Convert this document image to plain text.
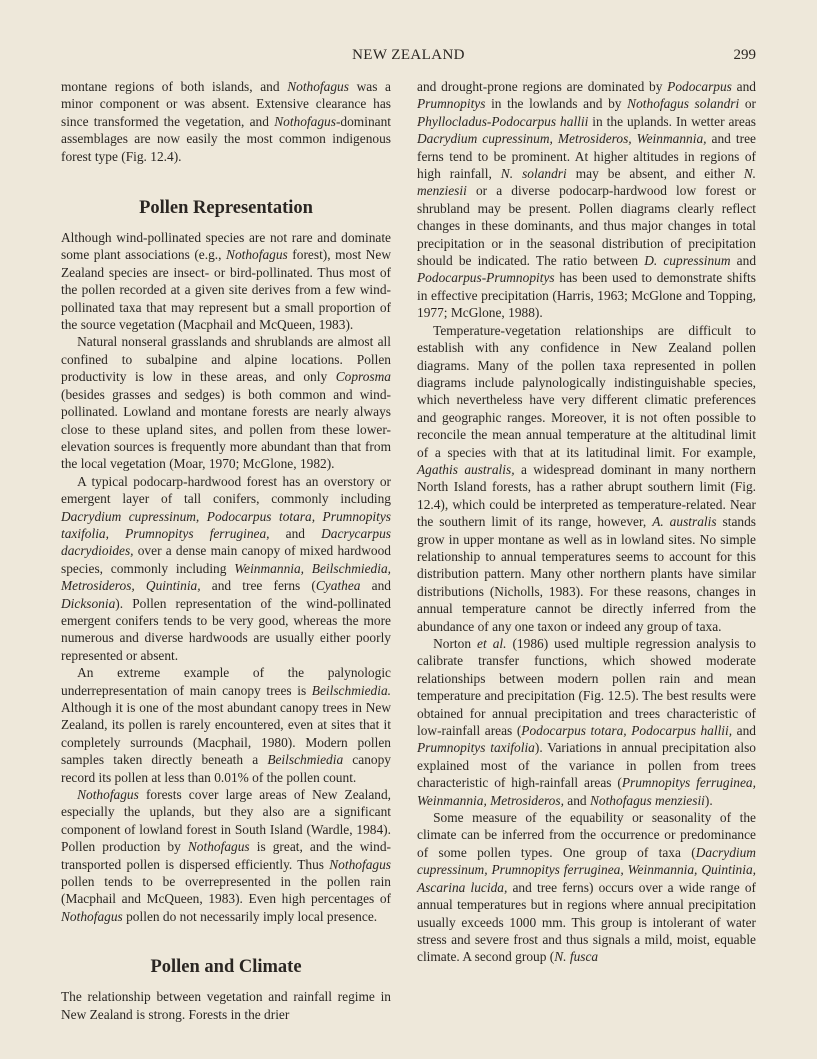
NEW ZEALAND	299

montane regions of both islands, and Nothofagus was a minor component or was absent. Extensive clearance has since transformed the vegetation, and Nothofagus-dominant assemblages are now easily the most common indigenous forest type (Fig. 12.4).

Pollen Representation

Although wind-pollinated species are not rare and dominate some plant associations (e.g., Nothofagus forest), most New Zealand species are insect- or bird-pollinated. Thus most of the pollen recorded at a given site derives from a few wind-pollinated taxa that may represent but a small proportion of the source vegetation (Macphail and McQueen, 1983).

Natural nonseral grasslands and shrublands are almost all confined to subalpine and alpine locations. Pollen productivity is low in these areas, and only Coprosma (besides grasses and sedges) is both common and wind-pollinated. Lowland and montane forests are nearly always close to these upland sites, and pollen from these lower-elevation sources is frequently more abundant than that from the local vegetation (Moar, 1970; McGlone, 1982).

A typical podocarp-hardwood forest has an overstory or emergent layer of tall conifers, commonly including Dacrydium cupressinum, Podocarpus totara, Prumnopitys taxifolia, Prumnopitys ferruginea, and Dacrycarpus dacrydioides, over a dense main canopy of mixed hardwood species, commonly including Weinmannia, Beilschmiedia, Metrosideros, Quintinia, and tree ferns (Cyathea and Dicksonia). Pollen representation of the wind-pollinated emergent conifers tends to be very good, whereas the more numerous and diverse hardwoods are usually either poorly represented or absent.

An extreme example of the palynologic underrepresentation of main canopy trees is Beilschmiedia. Although it is one of the most abundant canopy trees in New Zealand, its pollen is rarely encountered, even at sites that it completely surrounds (Macphail, 1980). Modern pollen samples taken directly beneath a Beilschmiedia canopy record its pollen at less than 0.01% of the pollen count.

Nothofagus forests cover large areas of New Zealand, especially the uplands, but they also are a significant component of lowland forest in South Island (Wardle, 1984). Pollen production by Nothofagus is great, and the wind-transported pollen is dispersed efficiently. Thus Nothofagus pollen tends to be overrepresented in the pollen rain (Macphail and McQueen, 1983). Even high percentages of Nothofagus pollen do not necessarily imply local presence.

Pollen and Climate

The relationship between vegetation and rainfall regime in New Zealand is strong. Forests in the drier

and drought-prone regions are dominated by Podocarpus and Prumnopitys in the lowlands and by Nothofagus solandri or Phyllocladus-Podocarpus hallii in the uplands. In wetter areas Dacrydium cupressinum, Metrosideros, Weinmannia, and tree ferns tend to be prominent. At higher altitudes in regions of high rainfall, N. solandri may be absent, and either N. menziesii or a diverse podocarp-hardwood low forest or shrubland may be present. Pollen diagrams clearly reflect changes in these dominants, and thus major changes in total precipitation or in the seasonal distribution of precipitation should be indicated. The ratio between D. cupressinum and Podocarpus-Prumnopitys has been used to demonstrate shifts in effective precipitation (Harris, 1963; McGlone and Topping, 1977; McGlone, 1988).

Temperature-vegetation relationships are difficult to establish with any confidence in New Zealand pollen diagrams. Many of the pollen taxa represented in pollen diagrams include palynologically indistinguishable species, which nevertheless have very different climatic preferences and geographic ranges. Moreover, it is not often possible to reconcile the mean annual temperature at the altitudinal limit of a species with that at its latitudinal limit. For example, Agathis australis, a widespread dominant in many northern North Island forests, has a rather abrupt southern limit (Fig. 12.4), which could be interpreted as temperature-related. Near the southern limit of its range, however, A. australis stands grow in upper montane as well as in lowland sites. No simple relationship to annual temperatures seems to account for this distribution pattern. Many other northern plants have similar distributions (Nicholls, 1983). For these reasons, changes in annual temperature cannot be directly inferred from the abundance of any one taxon or indeed any group of taxa.

Norton et al. (1986) used multiple regression analysis to calibrate transfer functions, which showed moderate relationships between modern pollen rain and mean temperature and precipitation (Fig. 12.5). The best results were obtained for annual precipitation and trees characteristic of low-rainfall areas (Podocarpus totara, Podocarpus hallii, and Prumnopitys taxifolia). Variations in annual precipitation also explained most of the variance in pollen from trees characteristic of high-rainfall areas (Prumnopitys ferruginea, Weinmannia, Metrosideros, and Nothofagus menziesii).

Some measure of the equability or seasonality of the climate can be inferred from the occurrence or predominance of some pollen types. One group of taxa (Dacrydium cupressinum, Prumnopitys ferruginea, Weinmannia, Quintinia, Ascarina lucida, and tree ferns) occurs over a wide range of annual temperatures but in regions where annual precipitation usually exceeds 1000 mm. This group is intolerant of water stress and severe frost and thus signals a mild, moist, equable climate. A second group (N. fusca
